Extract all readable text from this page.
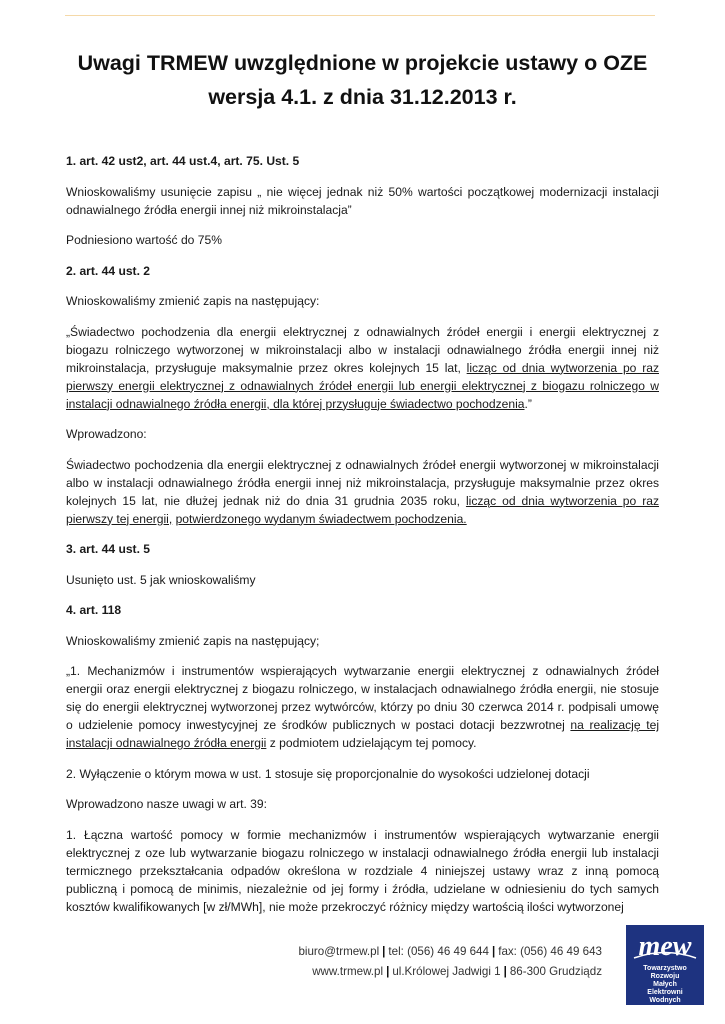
Uwagi TRMEW uwzględnione w projekcie ustawy o OZE
wersja 4.1. z dnia 31.12.2013 r.

1. art. 42 ust2, art. 44 ust.4, art. 75. Ust. 5

Wnioskowaliśmy usunięcie zapisu „ nie więcej jednak niż 50% wartości początkowej modernizacji instalacji odnawialnego źródła energii innej niż mikroinstalacja”

Podniesiono wartość do 75%

2. art. 44 ust. 2

Wnioskowaliśmy zmienić zapis na następujący:

„Świadectwo pochodzenia dla energii elektrycznej z odnawialnych źródeł energii i energii elektrycznej z biogazu rolniczego wytworzonej w mikroinstalacji albo w instalacji odnawialnego źródła energii innej niż mikroinstalacja, przysługuje maksymalnie przez okres kolejnych 15 lat, licząc od dnia wytworzenia po raz pierwszy energii elektrycznej z odnawialnych źródeł energii lub energii elektrycznej z biogazu rolniczego w instalacji odnawialnego źródła energii, dla której przysługuje świadectwo pochodzenia.”

Wprowadzono:

Świadectwo pochodzenia dla energii elektrycznej z odnawialnych źródeł energii wytworzonej w mikroinstalacji albo w instalacji odnawialnego źródła energii innej niż mikroinstalacja, przysługuje maksymalnie przez okres kolejnych 15 lat, nie dłużej jednak niż do dnia 31 grudnia 2035 roku, licząc od dnia wytworzenia po raz pierwszy tej energii, potwierdzonego wydanym świadectwem pochodzenia.

3. art. 44 ust. 5

Usunięto ust. 5 jak wnioskowaliśmy

4. art. 118

Wnioskowaliśmy zmienić zapis na następujący;

„1. Mechanizmów i instrumentów wspierających wytwarzanie energii elektrycznej z odnawialnych źródeł energii oraz energii elektrycznej z biogazu rolniczego, w instalacjach odnawialnego źródła energii, nie stosuje się do energii elektrycznej wytworzonej przez wytwórców, którzy po dniu 30 czerwca 2014 r. podpisali umowę o udzielenie pomocy inwestycyjnej ze środków publicznych w postaci dotacji bezzwrotnej na realizację tej instalacji odnawialnego źródła energii z podmiotem udzielającym tej pomocy.

2. Wyłączenie o którym mowa w ust. 1 stosuje się proporcjonalnie do wysokości udzielonej dotacji

Wprowadzono nasze uwagi w art. 39:

1. Łączna wartość pomocy w formie mechanizmów i instrumentów wspierających wytwarzanie energii elektrycznej z oze lub wytwarzanie biogazu rolniczego w instalacji odnawialnego źródła energii lub instalacji termicznego przekształcania odpadów określona w rozdziale 4 niniejszej ustawy wraz z inną pomocą publiczną i pomocą de minimis, niezależnie od jej formy i źródła, udzielane w odniesieniu do tych samych kosztów kwalifikowanych [w zł/MWh], nie może przekroczyć różnicy między wartością ilości wytworzonej

biuro@trmew.pl | tel: (056) 46 49 644 | fax: (056) 46 49 643
www.trmew.pl | ul.Królowej Jadwigi 1 | 86-300 Grudziądz
mew
Towarzystwo
Rozwoju
Małych
Elektrowni
Wodnych
